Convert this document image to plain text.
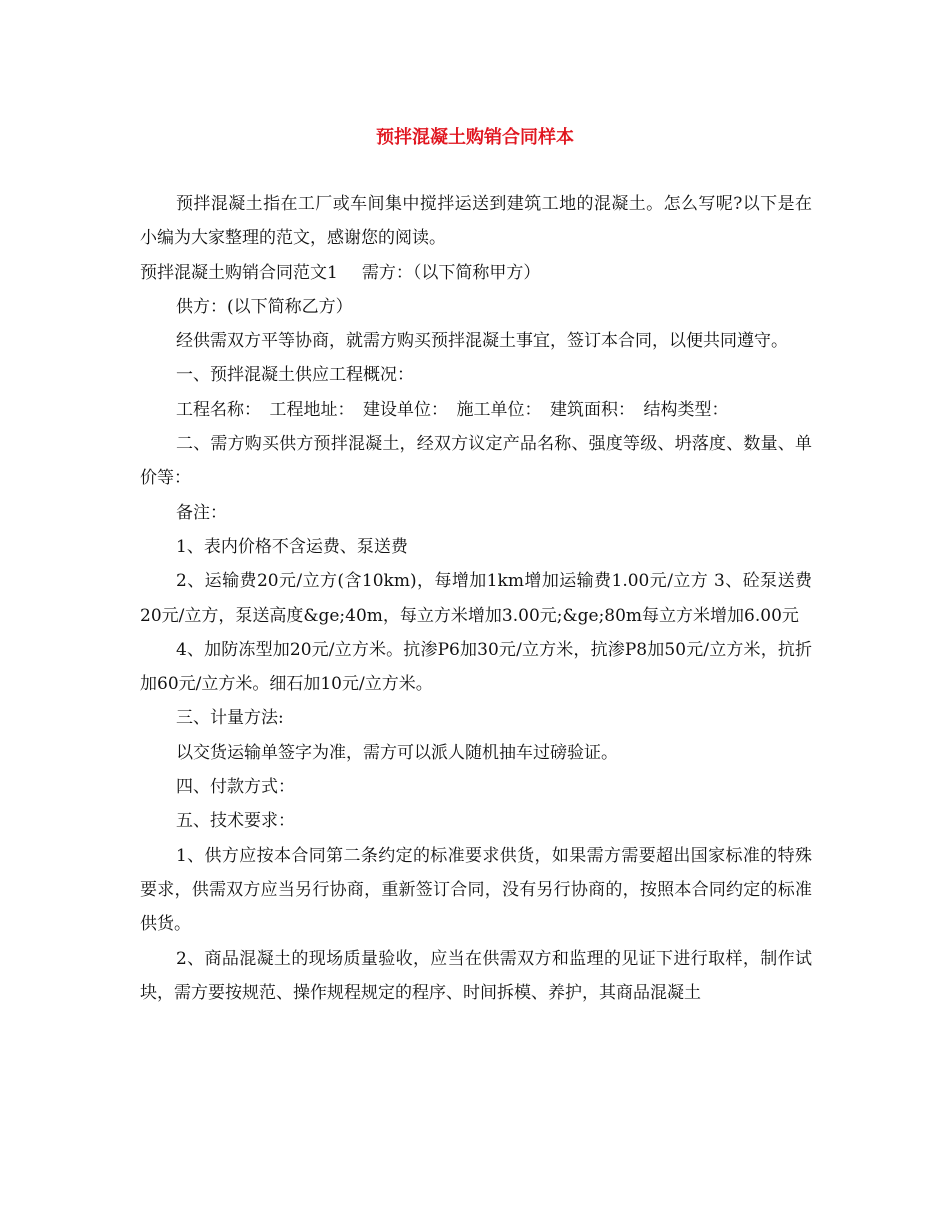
预拌混凝土购销合同样本

预拌混凝土指在工厂或车间集中搅拌运送到建筑工地的混凝土。怎么写呢?以下是在小编为大家整理的范文，感谢您的阅读。

预拌混凝土购销合同范文1 需方：（以下简称甲方）

供方：(以下简称乙方）

经供需双方平等协商，就需方购买预拌混凝土事宜，签订本合同，以便共同遵守。

一、预拌混凝土供应工程概况：

工程名称：　工程地址：　建设单位：　施工单位：　建筑面积：　结构类型：

二、需方购买供方预拌混凝土，经双方议定产品名称、强度等级、坍落度、数量、单价等：

备注：

1、表内价格不含运费、泵送费

2、运输费20元/立方(含10km)，每增加1km增加运输费1.00元/立方 3、砼泵送费20元/立方，泵送高度&ge;40m，每立方米增加3.00元;&ge;80m每立方米增加6.00元

4、加防冻型加20元/立方米。抗渗P6加30元/立方米，抗渗P8加50元/立方米，抗折加60元/立方米。细石加10元/立方米。

三、计量方法:

以交货运输单签字为准，需方可以派人随机抽车过磅验证。

四、付款方式：

五、技术要求：

1、供方应按本合同第二条约定的标准要求供货，如果需方需要超出国家标准的特殊要求，供需双方应当另行协商，重新签订合同，没有另行协商的，按照本合同约定的标准供货。

2、商品混凝土的现场质量验收，应当在供需双方和监理的见证下进行取样，制作试块，需方要按规范、操作规程规定的程序、时间拆模、养护，其商品混凝土
